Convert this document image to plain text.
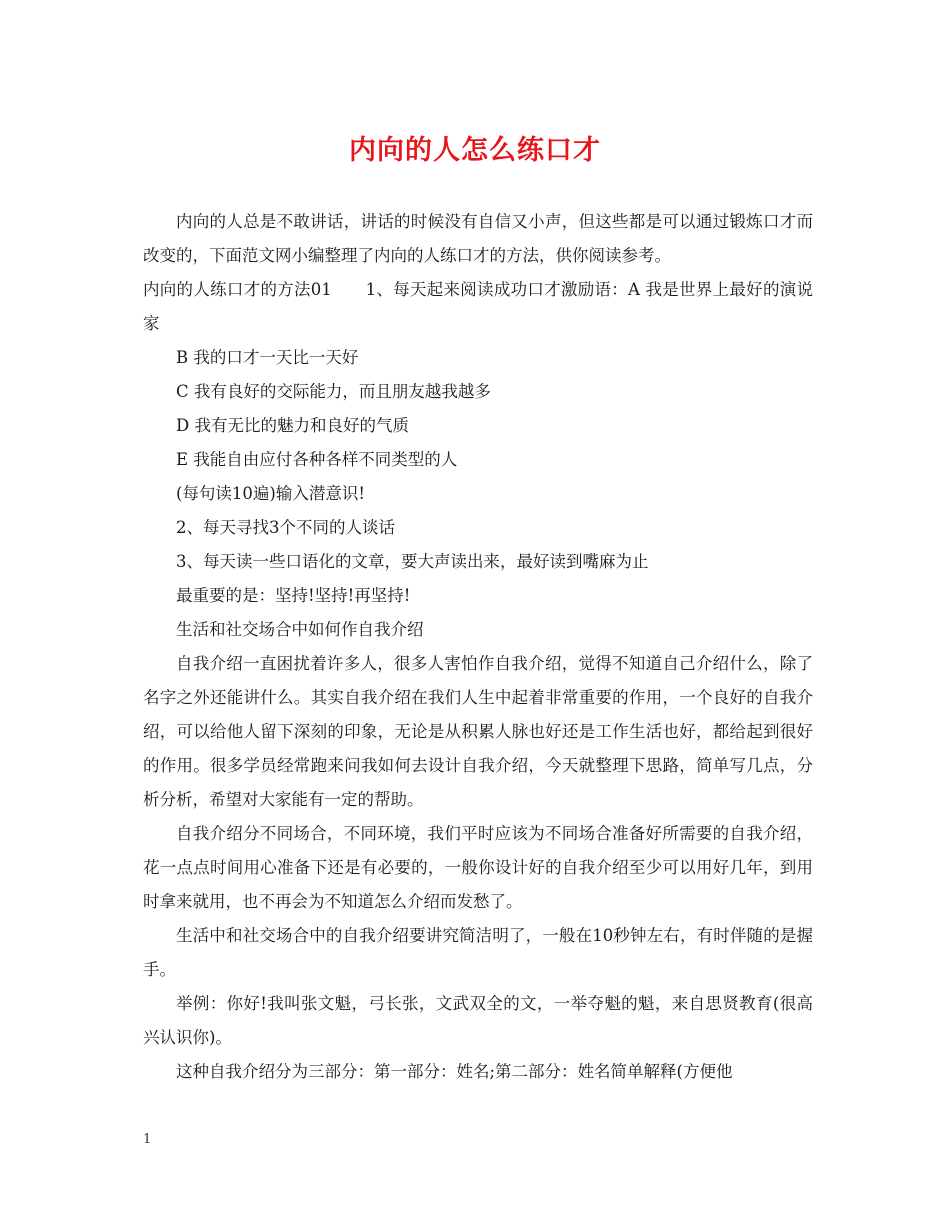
内向的人怎么练口才

内向的人总是不敢讲话，讲话的时候没有自信又小声，但这些都是可以通过锻炼口才而改变的，下面范文网小编整理了内向的人练口才的方法，供你阅读参考。

内向的人练口才的方法01　　1、每天起来阅读成功口才激励语：A 我是世界上最好的演说家

B 我的口才一天比一天好

C 我有良好的交际能力，而且朋友越我越多

D 我有无比的魅力和良好的气质

E 我能自由应付各种各样不同类型的人

(每句读10遍)输入潜意识!

2、每天寻找3个不同的人谈话

3、每天读一些口语化的文章，要大声读出来，最好读到嘴麻为止

最重要的是：坚持!坚持!再坚持!

生活和社交场合中如何作自我介绍

自我介绍一直困扰着许多人，很多人害怕作自我介绍，觉得不知道自己介绍什么，除了名字之外还能讲什么。其实自我介绍在我们人生中起着非常重要的作用，一个良好的自我介绍，可以给他人留下深刻的印象，无论是从积累人脉也好还是工作生活也好，都给起到很好的作用。很多学员经常跑来问我如何去设计自我介绍，今天就整理下思路，简单写几点，分析分析，希望对大家能有一定的帮助。

自我介绍分不同场合，不同环境，我们平时应该为不同场合准备好所需要的自我介绍，花一点点时间用心准备下还是有必要的，一般你设计好的自我介绍至少可以用好几年，到用时拿来就用，也不再会为不知道怎么介绍而发愁了。

生活中和社交场合中的自我介绍要讲究简洁明了，一般在10秒钟左右，有时伴随的是握手。

举例：你好!我叫张文魁，弓长张，文武双全的文，一举夺魁的魁，来自思贤教育(很高兴认识你)。

这种自我介绍分为三部分：第一部分：姓名;第二部分：姓名简单解释(方便他

1
